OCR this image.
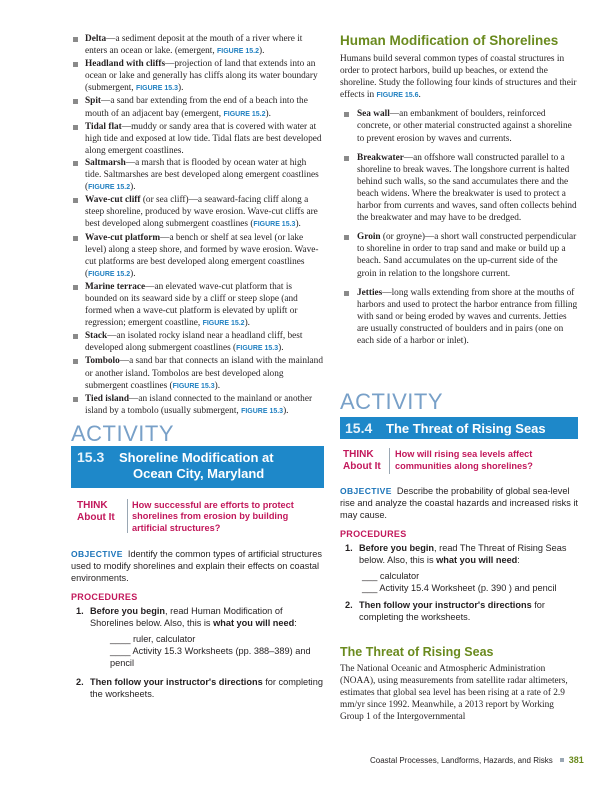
Delta—a sediment deposit at the mouth of a river where it enters an ocean or lake. (emergent, FIGURE 15.2).
Headland with cliffs—projection of land that extends into an ocean or lake and generally has cliffs along its water boundary (submergent, FIGURE 15.3).
Spit—a sand bar extending from the end of a beach into the mouth of an adjacent bay (emergent, FIGURE 15.2).
Tidal flat—muddy or sandy area that is covered with water at high tide and exposed at low tide. Tidal flats are best developed along emergent coastlines.
Saltmarsh—a marsh that is flooded by ocean water at high tide. Saltmarshes are best developed along emergent coastlines (FIGURE 15.2).
Wave-cut cliff (or sea cliff)—a seaward-facing cliff along a steep shoreline, produced by wave erosion. Wave-cut cliffs are best developed along submergent coastlines (FIGURE 15.3).
Wave-cut platform—a bench or shelf at sea level (or lake level) along a steep shore, and formed by wave erosion. Wave-cut platforms are best developed along emergent coastlines (FIGURE 15.2).
Marine terrace—an elevated wave-cut platform that is bounded on its seaward side by a cliff or steep slope (and formed when a wave-cut platform is elevated by uplift or regression; emergent coastline, FIGURE 15.2).
Stack—an isolated rocky island near a headland cliff, best developed along submergent coastlines (FIGURE 15.3).
Tombolo—a sand bar that connects an island with the mainland or another island. Tombolos are best developed along submergent coastlines (FIGURE 15.3).
Tied island—an island connected to the mainland or another island by a tombolo (usually submergent, FIGURE 15.3).
ACTIVITY
15.3 Shoreline Modification at
Ocean City, Maryland
THINK
About It
How successful are efforts to protect shorelines from erosion by building artificial structures?
OBJECTIVE Identify the common types of artificial structures used to modify shorelines and explain their effects on coastal environments.
PROCEDURES
1. Before you begin, read Human Modification of Shorelines below. Also, this is what you will need:
____ ruler, calculator
____ Activity 15.3 Worksheets (pp. 388–389) and pencil
2. Then follow your instructor's directions for completing the worksheets.
Human Modification of Shorelines
Humans build several common types of coastal structures in order to protect harbors, build up beaches, or extend the shoreline. Study the following four kinds of structures and their effects in FIGURE 15.6.
Sea wall—an embankment of boulders, reinforced concrete, or other material constructed against a shoreline to prevent erosion by waves and currents.
Breakwater—an offshore wall constructed parallel to a shoreline to break waves. The longshore current is halted behind such walls, so the sand accumulates there and the beach widens. Where the breakwater is used to protect a harbor from currents and waves, sand often collects behind the breakwater and may have to be dredged.
Groin (or groyne)—a short wall constructed perpendicular to shoreline in order to trap sand and make or build up a beach. Sand accumulates on the up-current side of the groin in relation to the longshore current.
Jetties—long walls extending from shore at the mouths of harbors and used to protect the harbor entrance from filling with sand or being eroded by waves and currents. Jetties are usually constructed of boulders and in pairs (one on each side of a harbor or inlet).
ACTIVITY
15.4 The Threat of Rising Seas
THINK
About It
How will rising sea levels affect communities along shorelines?
OBJECTIVE Describe the probability of global sea-level rise and analyze the coastal hazards and increased risks it may cause.
PROCEDURES
1. Before you begin, read The Threat of Rising Seas below. Also, this is what you will need:
___ calculator
___ Activity 15.4 Worksheet (p. 390 ) and pencil
2. Then follow your instructor's directions for completing the worksheets.
The Threat of Rising Seas
The National Oceanic and Atmospheric Administration (NOAA), using measurements from satellite radar altimeters, estimates that global sea level has been rising at a rate of 2.9 mm/yr since 1992. Meanwhile, a 2013 report by Working Group 1 of the Intergovernmental
Coastal Processes, Landforms, Hazards, and Risks 381
